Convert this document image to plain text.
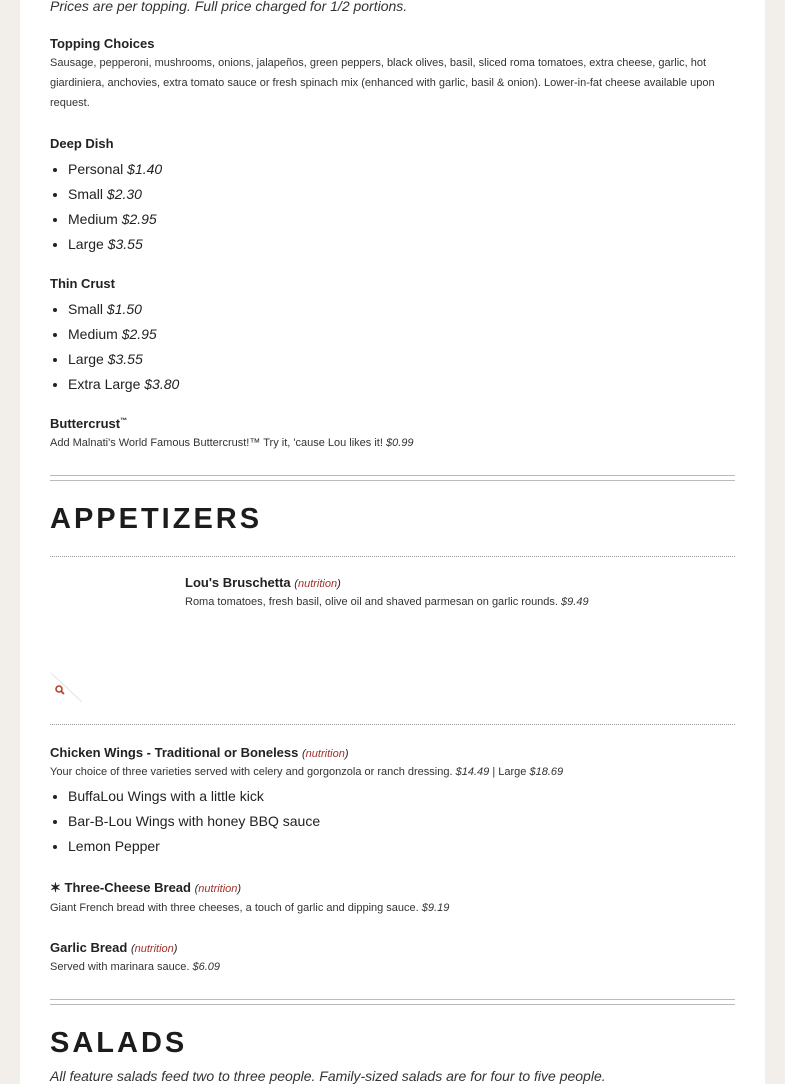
Prices are per topping. Full price charged for 1/2 portions.
Topping Choices

Sausage, pepperoni, mushrooms, onions, jalapeños, green peppers, black olives, basil, sliced roma tomatoes, extra cheese, garlic, hot giardiniera, anchovies, extra tomato sauce or fresh spinach mix (enhanced with garlic, basil & onion). Lower-in-fat cheese available upon request.

Deep Dish
• Personal $1.40
• Small $2.30
• Medium $2.95
• Large $3.55
Thin Crust
• Small $1.50
• Medium $2.95
• Large $3.55
• Extra Large $3.80
Buttercrust™

Add Malnati's World Famous Buttercrust!™ Try it, 'cause Lou likes it! $0.99

APPETIZERS
Lou's Bruschetta (nutrition)

Roma tomatoes, fresh basil, olive oil and shaved parmesan on garlic rounds. $9.49

Chicken Wings - Traditional or Boneless (nutrition)

Your choice of three varieties served with celery and gorgonzola or ranch dressing. $14.49 | Large $18.69

• BuffaLou Wings with a little kick
• Bar-B-Lou Wings with honey BBQ sauce
• Lemon Pepper
✶ Three-Cheese Bread (nutrition)

Giant French bread with three cheeses, a touch of garlic and dipping sauce. $9.19

Garlic Bread (nutrition)

Served with marinara sauce. $6.09

SALADS
All feature salads feed two to three people. Family-sized salads are for four to five people.
